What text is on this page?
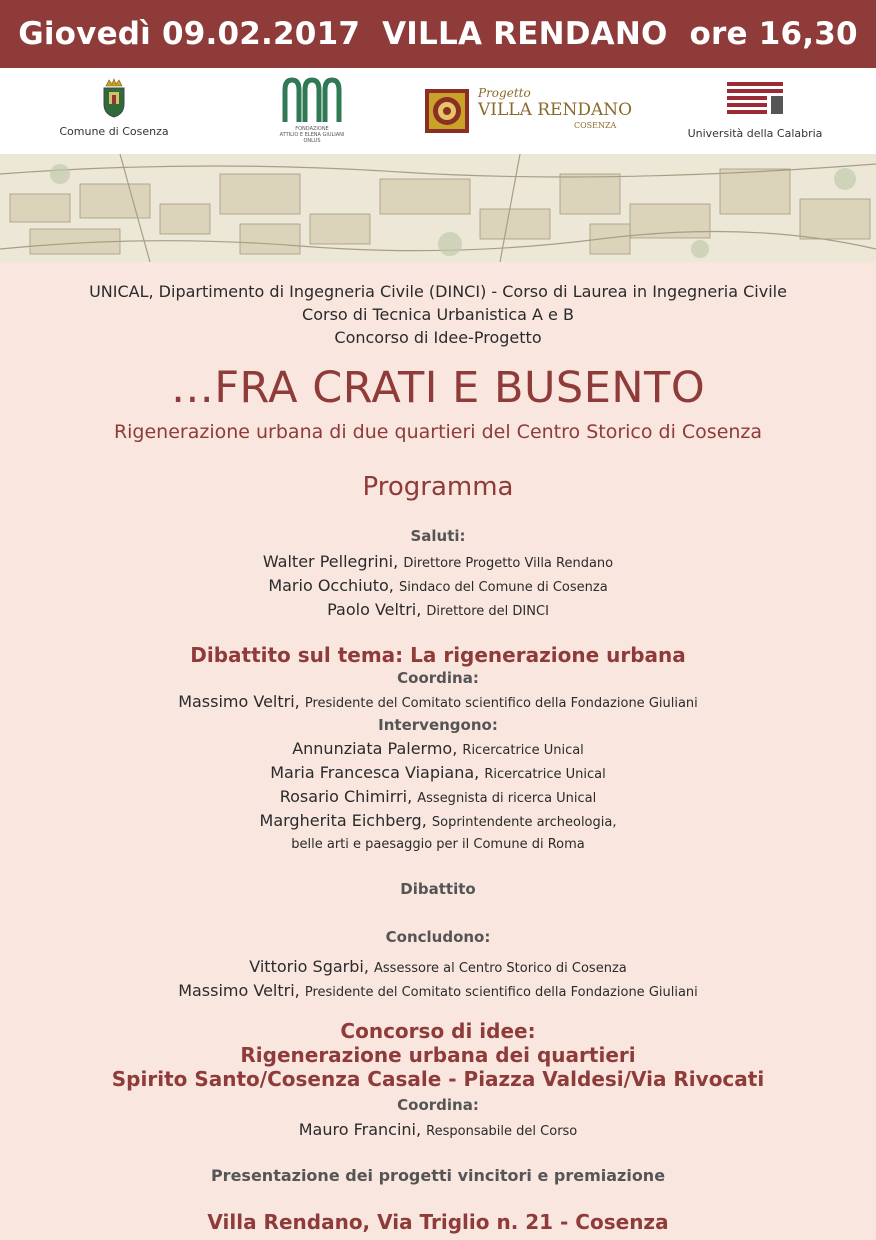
Giovedì 09.02.2017
VILLA RENDANO
ore 16,30
Comune di Cosenza	FONDAZIONE
ATTILIO E ELENA GIULIANI
ONLUS
Progetto
VILLA RENDANO
COSENZA
Università della Calabria
UNICAL, Dipartimento di Ingegneria Civile (DINCI) - Corso di Laurea in Ingegneria Civile
Corso di Tecnica Urbanistica A e B
Concorso di Idee-Progetto
…FRA CRATI E BUSENTO
Rigenerazione urbana di due quartieri del Centro Storico di Cosenza
Programma
Saluti:
Walter Pellegrini, Direttore Progetto Villa Rendano
Mario Occhiuto, Sindaco del Comune di Cosenza
Paolo Veltri, Direttore del DINCI
Dibattito sul tema: La rigenerazione urbana
Coordina:
Massimo Veltri, Presidente del Comitato scientifico della Fondazione Giuliani
Intervengono:
Annunziata Palermo, Ricercatrice Unical
Maria Francesca Viapiana, Ricercatrice Unical
Rosario Chimirri, Assegnista di ricerca Unical
Margherita Eichberg, Soprintendente archeologia,
belle arti e paesaggio per il Comune di Roma
Dibattito
Concludono:
Vittorio Sgarbi, Assessore al Centro Storico di Cosenza
Massimo Veltri, Presidente del Comitato scientifico della Fondazione Giuliani
Concorso di idee:
Rigenerazione urbana dei quartieri
Spirito Santo/Cosenza Casale - Piazza Valdesi/Via Rivocati
Coordina:
Mauro Francini, Responsabile del Corso
Presentazione dei progetti vincitori e premiazione
Villa Rendano, Via Triglio n. 21 - Cosenza
